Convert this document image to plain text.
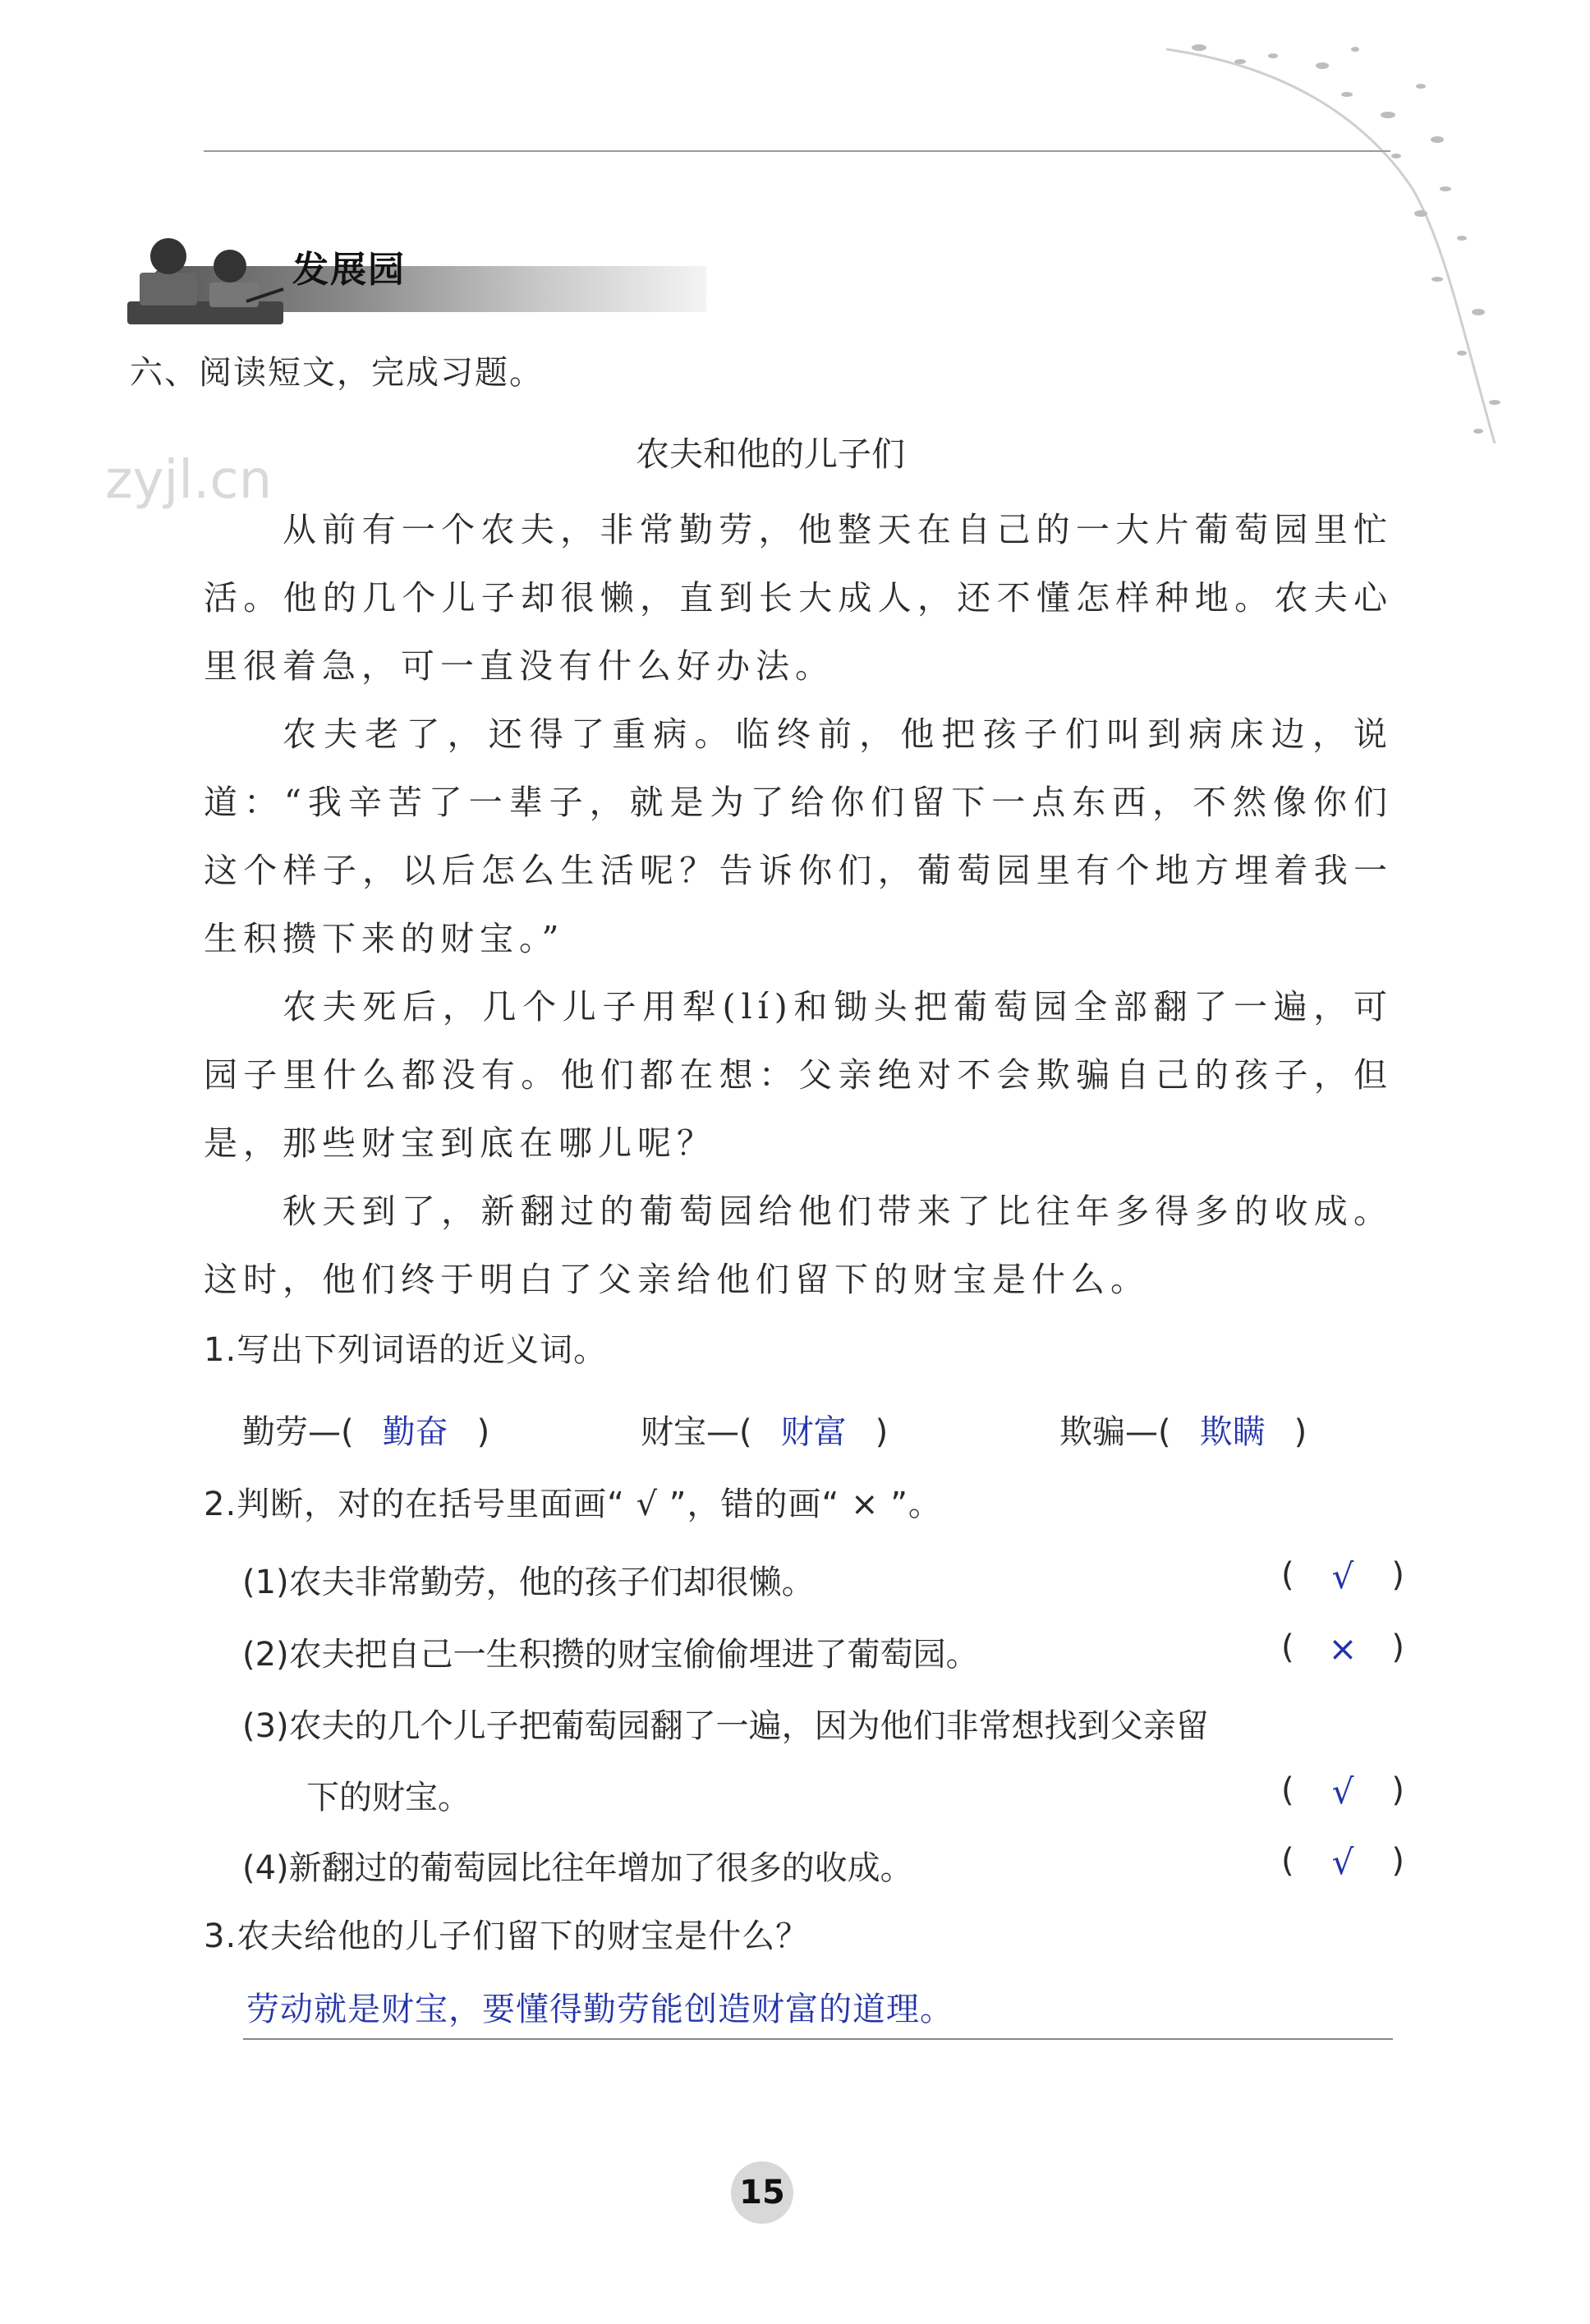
发展园
六、阅读短文，完成习题。
zyjl.cn	农夫和他的儿子们

从前有一个农夫，非常勤劳，他整天在自己的一大片葡萄园里忙活。他的几个儿子却很懒，直到长大成人，还不懂怎样种地。农夫心里很着急，可一直没有什么好办法。

农夫老了，还得了重病。临终前，他把孩子们叫到病床边，说道：“我辛苦了一辈子，就是为了给你们留下一点东西，不然像你们这个样子，以后怎么生活呢？告诉你们，葡萄园里有个地方埋着我一生积攒下来的财宝。”

农夫死后，几个儿子用犁(lí)和锄头把葡萄园全部翻了一遍，可园子里什么都没有。他们都在想：父亲绝对不会欺骗自己的孩子，但是，那些财宝到底在哪儿呢？

秋天到了，新翻过的葡萄园给他们带来了比往年多得多的收成。这时，他们终于明白了父亲给他们留下的财宝是什么。

1.写出下列词语的近义词。
勤劳—( 勤奋 )	财宝—( 财富 )	欺骗—( 欺瞒 )
2.判断，对的在括号里面画“ √ ”，错的画“ × ”。
(1)农夫非常勤劳，他的孩子们却很懒。	( √ )
(2)农夫把自己一生积攒的财宝偷偷埋进了葡萄园。	( × )
(3)农夫的几个儿子把葡萄园翻了一遍，因为他们非常想找到父亲留
下的财宝。	( √ )
(4)新翻过的葡萄园比往年增加了很多的收成。	( √ )
3.农夫给他的儿子们留下的财宝是什么？
劳动就是财宝，要懂得勤劳能创造财富的道理。
15
